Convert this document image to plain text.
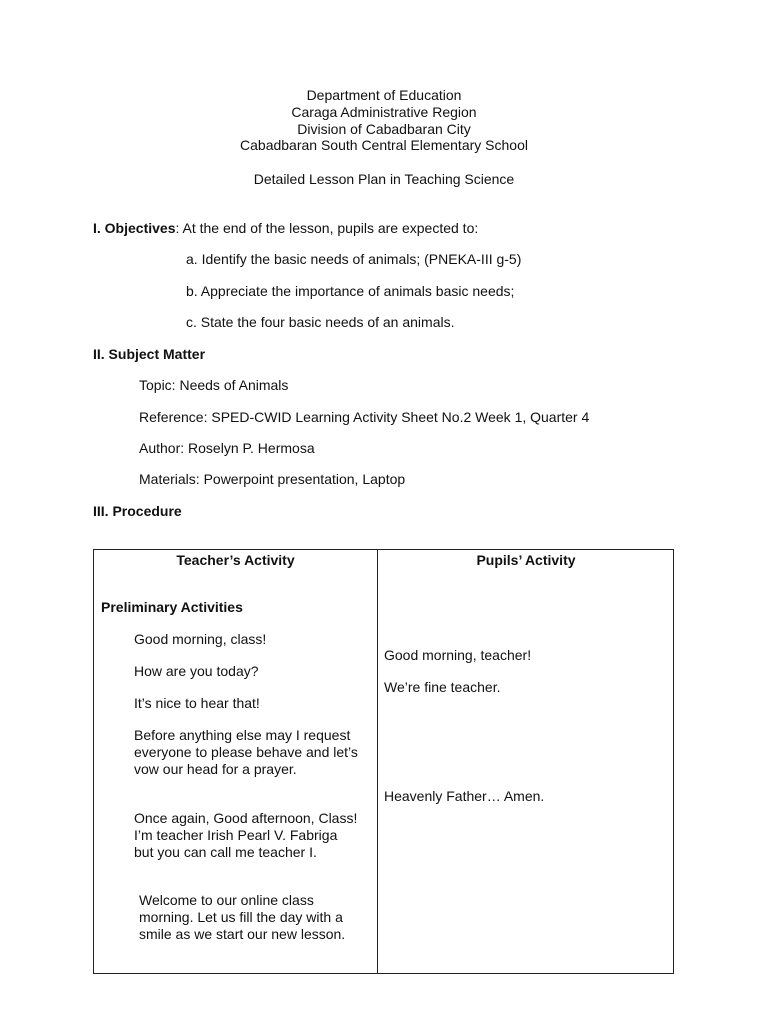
Department of Education
Caraga Administrative Region
Division of Cabadbaran City
Cabadbaran South Central Elementary School
Detailed Lesson Plan in Teaching Science
I. Objectives: At the end of the lesson, pupils are expected to:
a. Identify the basic needs of animals; (PNEKA-III g-5)
b. Appreciate the importance of animals basic needs;
c. State the four basic needs of an animals.
II. Subject Matter
Topic: Needs of Animals
Reference: SPED-CWID Learning Activity Sheet No.2 Week 1, Quarter 4
Author: Roselyn P. Hermosa
Materials: Powerpoint presentation, Laptop
III. Procedure
Teacher’s Activity	Pupils’ Activity
Preliminary Activities
Good morning, class!
How are you today?
It’s nice to hear that!
Before anything else may I request everyone to please behave and let’s vow our head for a prayer.
Once again, Good afternoon, Class! I’m teacher Irish Pearl V. Fabriga but you can call me teacher I.
Welcome to our online class morning. Let us fill the day with a smile as we start our new lesson.
Good morning, teacher!
We’re fine teacher.
Heavenly Father… Amen.
